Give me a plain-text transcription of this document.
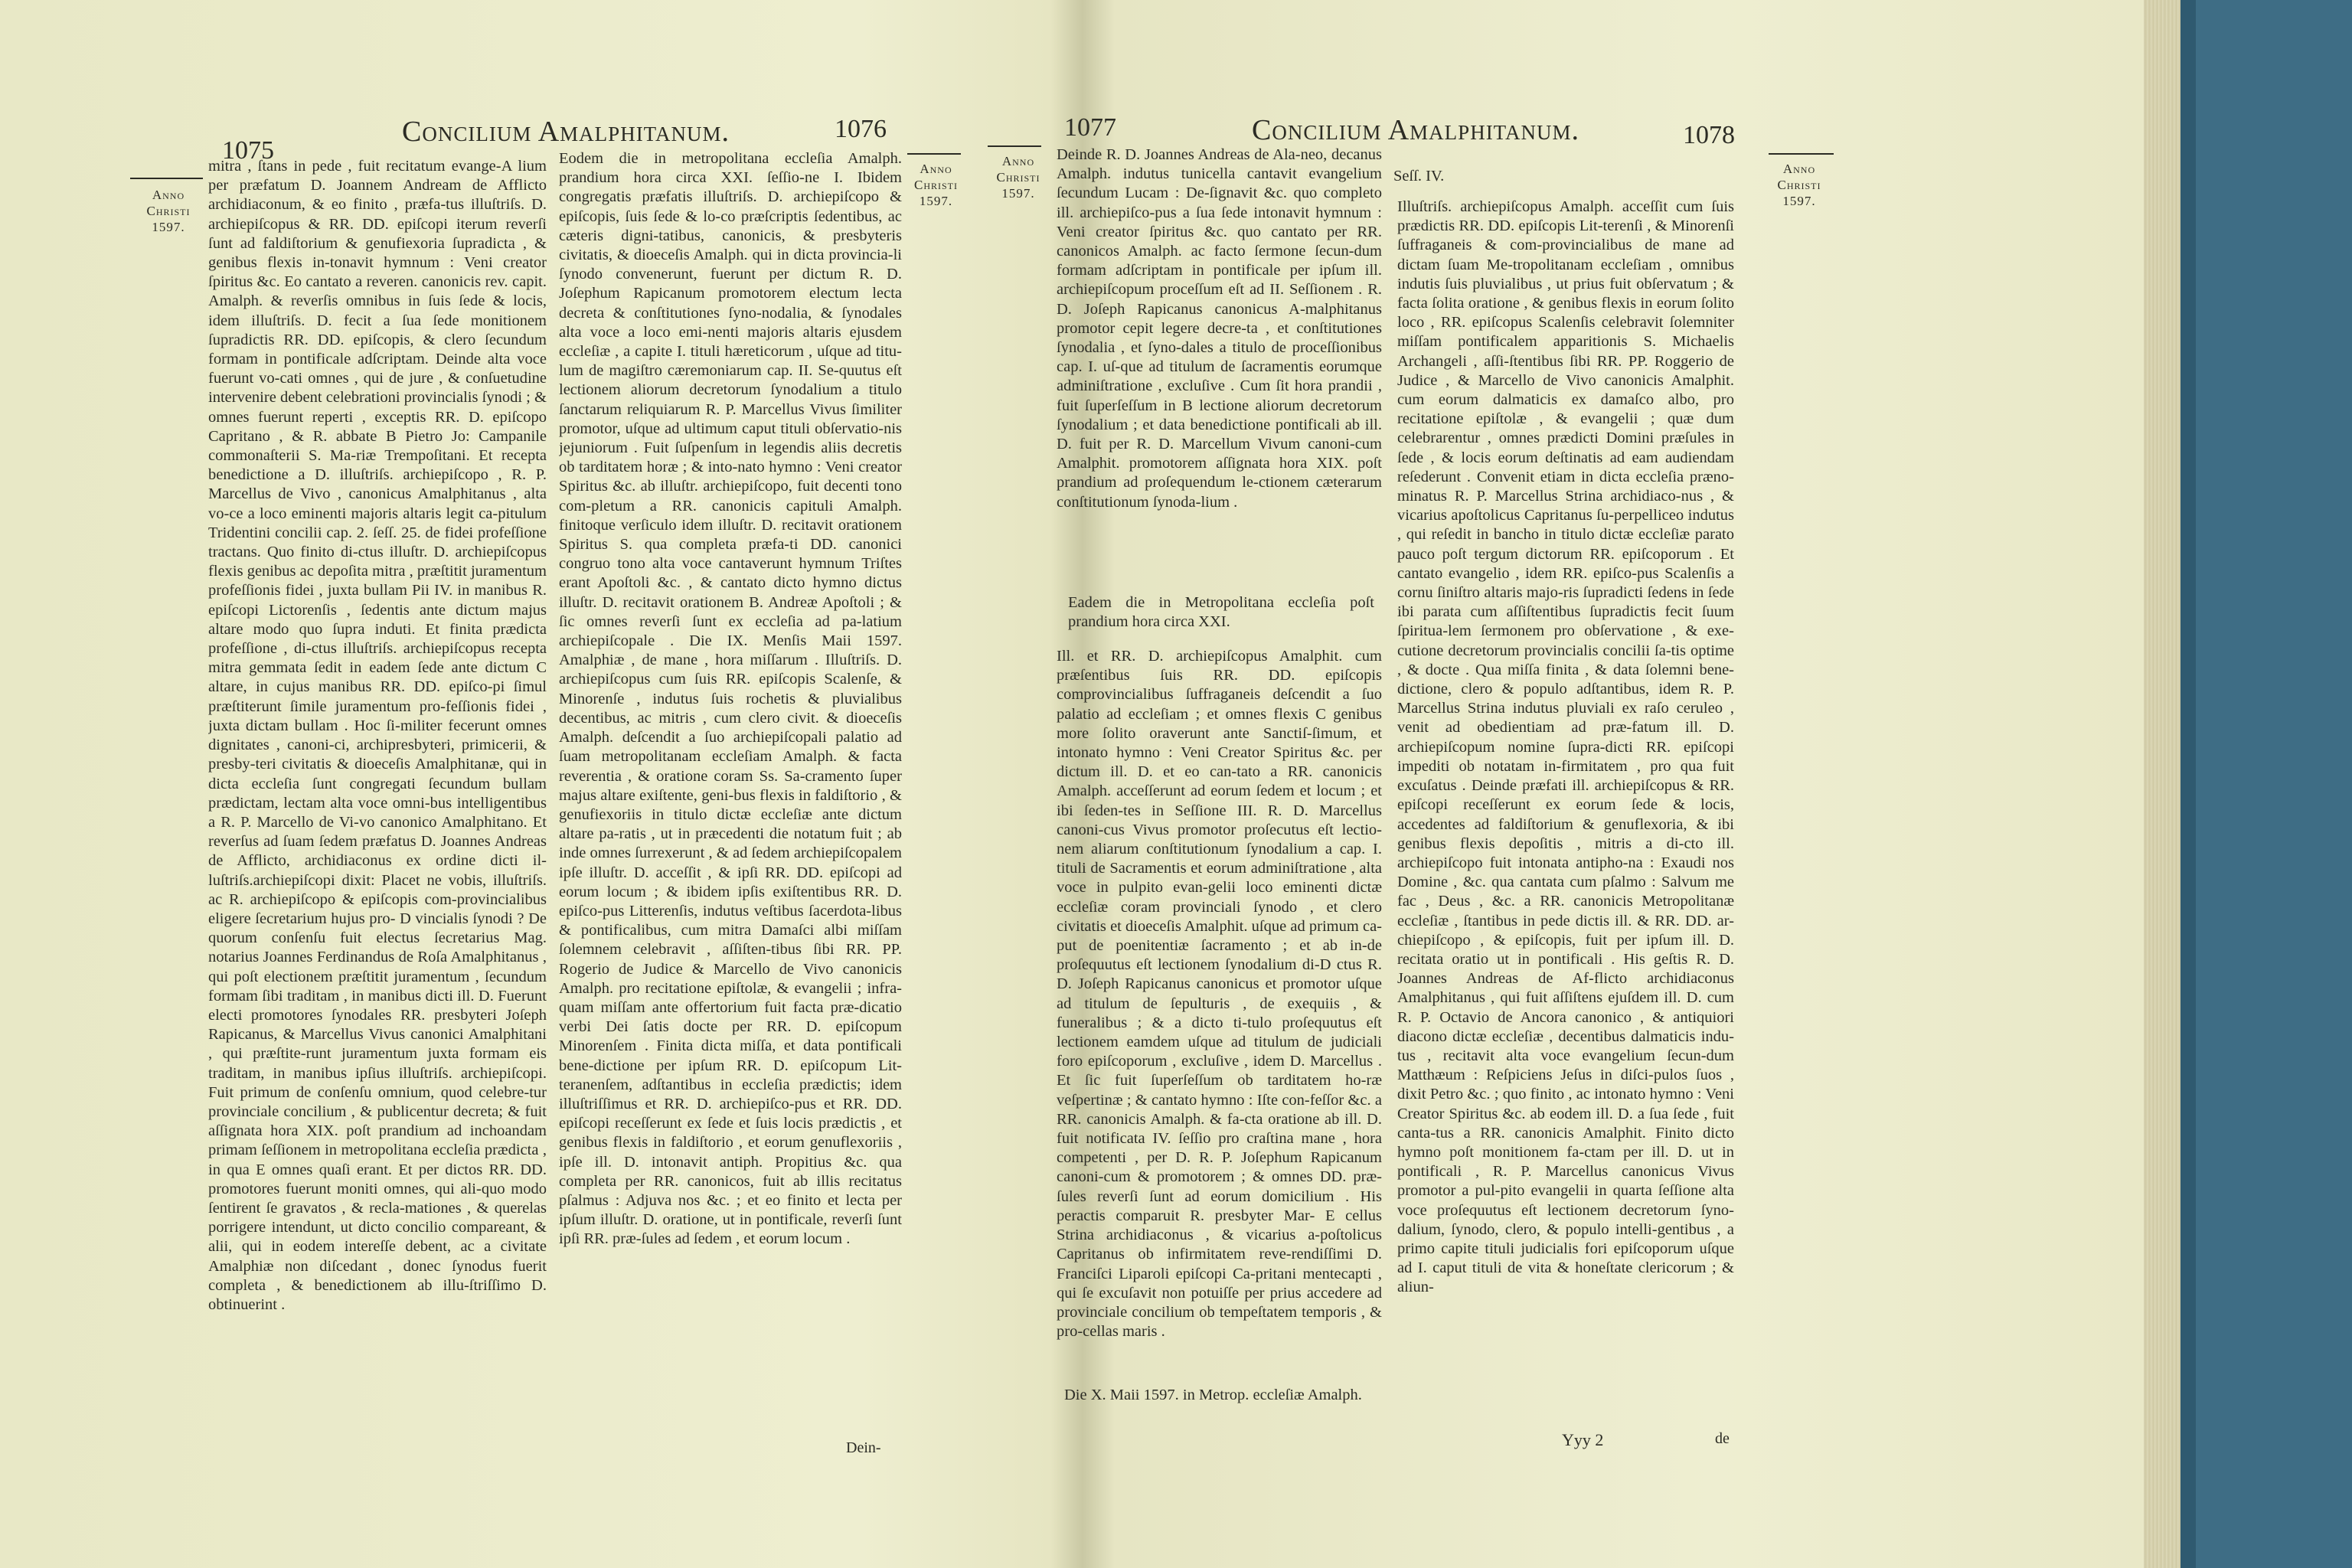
1075
Concilium Amalphitanum.	1076
Anno
Christi
1597.
Anno
Christi
1597.
mitra , ſtans in pede , fuit recitatum evange-A lium per præfatum D. Joannem Andream de Afflicto archidiaconum, & eo finito , præfa-tus illuſtriſs. D. archiepiſcopus & RR. DD. epiſcopi iterum reverſi ſunt ad faldiſtorium & genufiexoria ſupradicta , & genibus flexis in-tonavit hymnum : Veni creator ſpiritus &c. Eo cantato a reveren. canonicis rev. capit. Amalph. & reverſis omnibus in ſuis ſede & locis, idem illuſtriſs. D. fecit a ſua ſede monitionem ſupradictis RR. DD. epiſcopis, & clero ſecundum formam in pontificale adſcriptam. Deinde alta voce fuerunt vo-cati omnes , qui de jure , & conſuetudine intervenire debent celebrationi provincialis ſynodi ; & omnes fuerunt reperti , exceptis RR. D. epiſcopo Capritano , & R. abbate B Pietro Jo: Campanile commonaſterii S. Ma-riæ Trempoſitani. Et recepta benedictione a D. illuſtriſs. archiepiſcopo , R. P. Marcellus de Vivo , canonicus Amalphitanus , alta vo-ce a loco eminenti majoris altaris legit ca-pitulum Tridentini concilii cap. 2. ſeſſ. 25. de fidei profeſſione tractans. Quo finito di-ctus illuſtr. D. archiepiſcopus flexis genibus ac depoſita mitra , præſtitit juramentum profeſſionis fidei , juxta bullam Pii IV. in manibus R. epiſcopi Lictorenſis , ſedentis ante dictum majus altare modo quo ſupra induti. Et finita prædicta profeſſione , di-ctus illuſtriſs. archiepiſcopus recepta mitra gemmata ſedit in eadem ſede ante dictum C altare, in cujus manibus RR. DD. epiſco-pi ſimul præſtiterunt ſimile juramentum pro-feſſionis fidei , juxta dictam bullam . Hoc ſi-militer fecerunt omnes dignitates , canoni-ci, archipresbyteri, primicerii, & presby-teri civitatis & dioeceſis Amalphitanæ, qui in dicta eccleſia ſunt congregati ſecundum bullam prædictam, lectam alta voce omni-bus intelligentibus a R. P. Marcello de Vi-vo canonico Amalphitano. Et reverſus ad ſuam ſedem præfatus D. Joannes Andreas de Afflicto, archidiaconus ex ordine dicti il-luſtriſs.archiepiſcopi dixit: Placet ne vobis, illuſtriſs. ac R. archiepiſcopo & epiſcopis com-provincialibus eligere ſecretarium hujus pro- D vincialis ſynodi ? De quorum conſenſu fuit electus ſecretarius Mag. notarius Joannes Ferdinandus de Roſa Amalphitanus , qui poſt electionem præſtitit juramentum , ſecundum formam ſibi traditam , in manibus dicti ill. D. Fuerunt electi promotores ſynodales RR. presbyteri Joſeph Rapicanus, & Marcellus Vivus canonici Amalphitani , qui præſtite-runt juramentum juxta formam eis traditam, in manibus ipſius illuſtriſs. archiepiſcopi. Fuit primum de conſenſu omnium, quod celebre-tur provinciale concilium , & publicentur decreta; & fuit aſſignata hora XIX. poſt prandium ad inchoandam primam ſeſſionem in metropolitana eccleſia prædicta , in qua E omnes quaſi erant. Et per dictos RR. DD. promotores fuerunt moniti omnes, qui ali-quo modo ſentirent ſe gravatos , & recla-mationes , & querelas porrigere intendunt, ut dicto concilio compareant, & alii, qui in eodem intereſſe debent, ac a civitate Amalphiæ non diſcedant , donec ſynodus fuerit completa , & benedictionem ab illu-ſtriſſimo D. obtinuerint .
Eodem die in metropolitana eccleſia Amalph. prandium hora circa XXI. ſeſſio-ne I. Ibidem congregatis præfatis illuſtriſs. D. archiepiſcopo & epiſcopis, ſuis ſede & lo-co præſcriptis ſedentibus, ac cæteris digni-tatibus, canonicis, & presbyteris civitatis, & dioeceſis Amalph. qui in dicta provincia-li ſynodo convenerunt, fuerunt per dictum R. D. Joſephum Rapicanum promotorem electum lecta decreta & conſtitutiones ſyno-nodalia, & ſynodales alta voce a loco emi-nenti majoris altaris ejusdem eccleſiæ , a capite I. tituli hæreticorum , uſque ad titu-lum de magiſtro cæremoniarum cap. II. Se-quutus eſt lectionem aliorum decretorum ſynodalium a titulo ſanctarum reliquiarum R. P. Marcellus Vivus ſimiliter promotor, uſque ad ultimum caput tituli obſervatio-nis jejuniorum . Fuit ſuſpenſum in legendis aliis decretis ob tarditatem horæ ; & into-nato hymno : Veni creator Spiritus &c. ab illuſtr. archiepiſcopo, fuit decenti tono com-pletum a RR. canonicis capituli Amalph. finitoque verſiculo idem illuſtr. D. recitavit orationem Spiritus S. qua completa præfa-ti DD. canonici congruo tono alta voce cantaverunt hymnum Triſtes erant Apoſtoli &c. , & cantato dicto hymno dictus illuſtr. D. recitavit orationem B. Andreæ Apoſtoli ; & ſic omnes reverſi ſunt ex eccleſia ad pa-latium archiepiſcopale . Die IX. Menſis Maii 1597. Amalphiæ , de mane , hora miſſarum . Illuſtriſs. D. archiepiſcopus cum ſuis RR. epiſcopis Scalenſe, & Minorenſe , indutus ſuis rochetis & pluvialibus decentibus, ac mitris , cum clero civit. & dioeceſis Amalph. deſcendit a ſuo archiepiſcopali palatio ad ſuam metropolitanam eccleſiam Amalph. & facta reverentia , & oratione coram Ss. Sa-cramento ſuper majus altare exiſtente, geni-bus flexis in faldiſtorio , & genufiexoriis in titulo dictæ eccleſiæ ante dictum altare pa-ratis , ut in præcedenti die notatum fuit ; ab inde omnes ſurrexerunt , & ad ſedem archiepiſcopalem ipſe illuſtr. D. acceſſit , & ipſi RR. DD. epiſcopi ad eorum locum ; & ibidem ipſis exiſtentibus RR. D. epiſco-pus Litterenſis, indutus veſtibus ſacerdota-libus & pontificalibus, cum mitra Damaſci albi miſſam ſolemnem celebravit , aſſiſten-tibus ſibi RR. PP. Rogerio de Judice & Marcello de Vivo canonicis Amalph. pro recitatione epiſtolæ, & evangelii ; infra-quam miſſam ante offertorium fuit facta præ-dicatio verbi Dei ſatis docte per RR. D. epiſcopum Minorenſem . Finita dicta miſſa, et data pontificali bene-dictione per ipſum RR. D. epiſcopum Lit-teranenſem, adſtantibus in eccleſia prædictis; idem illuſtriſſimus et RR. D. archiepiſco-pus et RR. DD. epiſcopi receſſerunt ex ſede et ſuis locis prædictis , et genibus flexis in faldiſtorio , et eorum genuflexoriis , ipſe ill. D. intonavit antiph. Propitius &c. qua completa per RR. canonicos, fuit ab illis recitatus pſalmus : Adjuva nos &c. ; et eo finito et lecta per ipſum illuſtr. D. oratione, ut in pontificale, reverſi ſunt ipſi RR. præ-ſules ad ſedem , et eorum locum .
Dein-
1077	Concilium Amalphitanum.	1078
Anno
Christi
1597.
Anno
Christi
1597.
Deinde R. D. Joannes Andreas de Ala-neo, decanus Amalph. indutus tunicella cantavit evangelium ſecundum Lucam : De-ſignavit &c. quo completo ill. archiepiſco-pus a ſua ſede intonavit hymnum : Veni creator ſpiritus &c. quo cantato per RR. canonicos Amalph. ac facto ſermone ſecun-dum formam adſcriptam in pontificale per ipſum ill. archiepiſcopum proceſſum eſt ad II. Seſſionem . R. D. Joſeph Rapicanus canonicus A-malphitanus promotor cepit legere decre-ta , et conſtitutiones ſynodalia , et ſyno-dales a titulo de proceſſionibus cap. I. uſ-que ad titulum de ſacramentis eorumque adminiſtratione , excluſive . Cum ſit hora prandii , fuit ſuperſeſſum in B lectione aliorum decretorum ſynodalium ; et data benedictione pontificali ab ill. D. fuit per R. D. Marcellum Vivum canoni-cum Amalphit. promotorem aſſignata hora XIX. poſt prandium ad proſequendum le-ctionem cæterarum conſtitutionum ſynoda-lium .
Eadem die in Metropolitana eccleſia poſt prandium hora circa XXI.
Ill. et RR. D. archiepiſcopus Amalphit. cum præſentibus ſuis RR. DD. epiſcopis comprovincialibus ſuffraganeis deſcendit a ſuo palatio ad eccleſiam ; et omnes flexis C genibus more ſolito oraverunt ante Sanctiſ-ſimum, et intonato hymno : Veni Creator Spiritus &c. per dictum ill. D. et eo can-tato a RR. canonicis Amalph. acceſſerunt ad eorum ſedem et locum ; et ibi ſeden-tes in Seſſione III. R. D. Marcellus canoni-cus Vivus promotor proſecutus eſt lectio-nem aliarum conſtitutionum ſynodalium a cap. I. tituli de Sacramentis et eorum adminiſtratione , alta voce in pulpito evan-gelii loco eminenti dictæ eccleſiæ coram provinciali ſynodo , et clero civitatis et dioeceſis Amalphit. uſque ad primum ca-put de poenitentiæ ſacramento ; et ab in-de proſequutus eſt lectionem ſynodalium di-D ctus R. D. Joſeph Rapicanus canonicus et promotor uſque ad titulum de ſepulturis , de exequiis , & funeralibus ; & a dicto ti-tulo proſequutus eſt lectionem eamdem uſque ad titulum de judiciali foro epiſcoporum , excluſive , idem D. Marcellus . Et ſic fuit ſuperſeſſum ob tarditatem ho-ræ veſpertinæ ; & cantato hymno : Iſte con-feſſor &c. a RR. canonicis Amalph. & fa-cta oratione ab ill. D. fuit notificata IV. ſeſſio pro craſtina mane , hora competenti , per D. R. P. Joſephum Rapicanum canoni-cum & promotorem ; & omnes DD. præ-ſules reverſi ſunt ad eorum domicilium . His peractis comparuit R. presbyter Mar- E cellus Strina archidiaconus , & vicarius a-poſtolicus Capritanus ob infirmitatem reve-rendiſſimi D. Franciſci Liparoli epiſcopi Ca-pritani mentecapti , qui ſe excuſavit non potuiſſe per prius accedere ad provinciale concilium ob tempeſtatem temporis , & pro-cellas maris .
Die X. Maii 1597. in Metrop. eccleſiæ Amalph.
Seſſ. IV.
Illuſtriſs. archiepiſcopus Amalph. acceſſit cum ſuis prædictis RR. DD. epiſcopis Lit-terenſi , & Minorenſi ſuffraganeis & com-provincialibus de mane ad dictam ſuam Me-tropolitanam eccleſiam , omnibus indutis ſuis pluvialibus , ut prius fuit obſervatum ; & facta ſolita oratione , & genibus flexis in eorum ſolito loco , RR. epiſcopus Scalenſis celebravit ſolemniter miſſam pontificalem apparitionis S. Michaelis Archangeli , aſſi-ſtentibus ſibi RR. PP. Roggerio de Judice , & Marcello de Vivo canonicis Amalphit. cum eorum dalmaticis ex damaſco albo, pro recitatione epiſtolæ , & evangelii ; quæ dum celebrarentur , omnes prædicti Domini præſules in ſede , & locis eorum deſtinatis ad eam audiendam reſederunt . Convenit etiam in dicta eccleſia præno-minatus R. P. Marcellus Strina archidiaco-nus , & vicarius apoſtolicus Capritanus ſu-perpelliceo indutus , qui reſedit in bancho in titulo dictæ eccleſiæ parato pauco poſt tergum dictorum RR. epiſcoporum . Et cantato evangelio , idem RR. epiſco-pus Scalenſis a cornu ſiniſtro altaris majo-ris ſupradicti ſedens in ſede ibi parata cum aſſiſtentibus ſupradictis fecit ſuum ſpiritua-lem ſermonem pro obſervatione , & exe-cutione decretorum provincialis concilii ſa-tis optime , & docte . Qua miſſa finita , & data ſolemni bene-dictione, clero & populo adſtantibus, idem R. P. Marcellus Strina indutus pluviali ex raſo ceruleo , venit ad obedientiam ad præ-fatum ill. D. archiepiſcopum nomine ſupra-dicti RR. epiſcopi impediti ob notatam in-firmitatem , pro qua fuit excuſatus . Deinde præfati ill. archiepiſcopus & RR. epiſcopi receſſerunt ex eorum ſede & locis, accedentes ad faldiſtorium & genuflexoria, & ibi genibus flexis depoſitis , mitris a di-cto ill. archiepiſcopo fuit intonata antipho-na : Exaudi nos Domine , &c. qua cantata cum pſalmo : Salvum me fac , Deus , &c. a RR. canonicis Metropolitanæ eccleſiæ , ſtantibus in pede dictis ill. & RR. DD. ar-chiepiſcopo , & epiſcopis, fuit per ipſum ill. D. recitata oratio ut in pontificali . His geſtis R. D. Joannes Andreas de Af-flicto archidiaconus Amalphitanus , qui fuit aſſiſtens ejuſdem ill. D. cum R. P. Octavio de Ancora canonico , & antiquiori diacono dictæ eccleſiæ , decentibus dalmaticis indu-tus , recitavit alta voce evangelium ſecun-dum Matthæum : Reſpiciens Jeſus in diſci-pulos ſuos , dixit Petro &c. ; quo finito , ac intonato hymno : Veni Creator Spiritus &c. ab eodem ill. D. a ſua ſede , fuit canta-tus a RR. canonicis Amalphit. Finito dicto hymno poſt monitionem fa-ctam per ill. D. ut in pontificali , R. P. Marcellus canonicus Vivus promotor a pul-pito evangelii in quarta ſeſſione alta voce proſequutus eſt lectionem decretorum ſyno-dalium, ſynodo, clero, & populo intelli-gentibus , a primo capite tituli judicialis fori epiſcoporum uſque ad I. caput tituli de vita & honeſtate clericorum ; & aliun-
Yyy 2	de
